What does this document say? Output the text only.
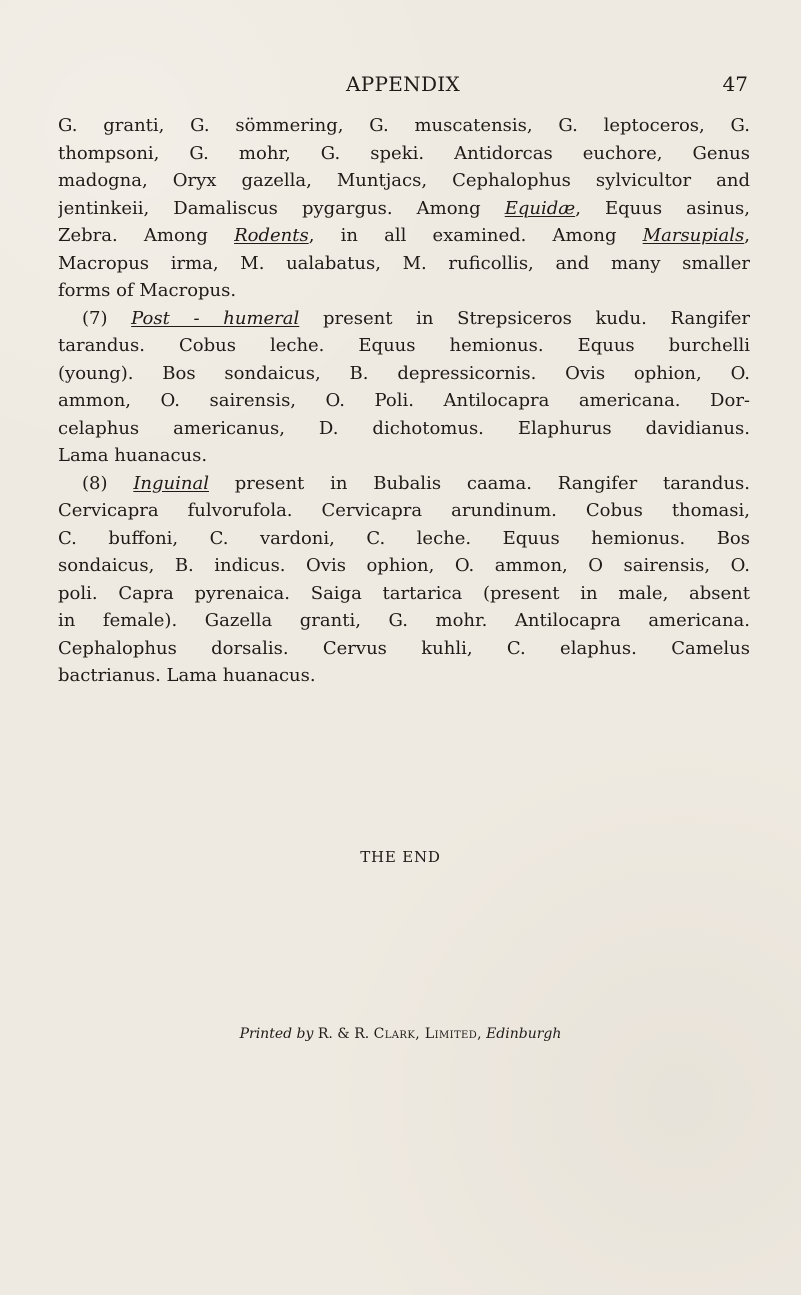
APPENDIX	47
G. granti, G. sömmering, G. muscatensis, G. leptoceros, G.
thompsoni, G. mohr, G. speki. Antidorcas euchore, Genus
madogna, Oryx gazella, Muntjacs, Cephalophus sylvicultor and
jentinkeii, Damaliscus pygargus. Among Equidæ, Equus asinus,
Zebra. Among Rodents, in all examined. Among Marsupials,
Macropus irma, M. ualabatus, M. ruficollis, and many smaller
forms of Macropus.
(7) Post - humeral present in Strepsiceros kudu. Rangifer
tarandus. Cobus leche. Equus hemionus. Equus burchelli
(young). Bos sondaicus, B. depressicornis. Ovis ophion, O.
ammon, O. sairensis, O. Poli. Antilocapra americana. Dor-
celaphus americanus, D. dichotomus. Elaphurus davidianus.
Lama huanacus.
(8) Inguinal present in Bubalis caama. Rangifer tarandus.
Cervicapra fulvorufola. Cervicapra arundinum. Cobus thomasi,
C. buffoni, C. vardoni, C. leche. Equus hemionus. Bos
sondaicus, B. indicus. Ovis ophion, O. ammon, O sairensis, O.
poli. Capra pyrenaica. Saiga tartarica (present in male, absent
in female). Gazella granti, G. mohr. Antilocapra americana.
Cephalophus dorsalis. Cervus kuhli, C. elaphus. Camelus
bactrianus. Lama huanacus.
THE END
Printed by R. & R. Clark, Limited, Edinburgh
